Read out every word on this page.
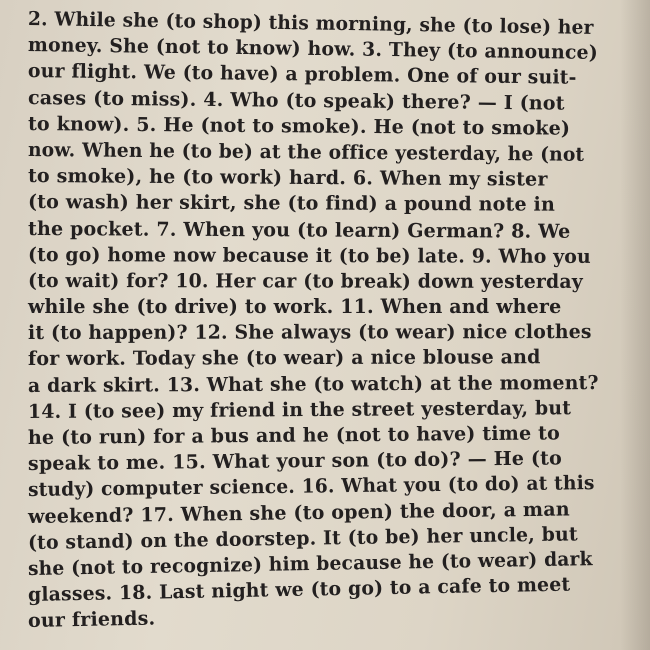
2. While she (to shop) this morning, she (to lose) her
money. She (not to know) how. 3. They (to announce)
our flight. We (to have) a problem. One of our suit-
cases (to miss). 4. Who (to speak) there? — I (not
to know). 5. He (not to smoke). He (not to smoke)
now. When he (to be) at the office yesterday, he (not
to smoke), he (to work) hard. 6. When my sister
(to wash) her skirt, she (to find) a pound note in
the pocket. 7. When you (to learn) German? 8. We
(to go) home now because it (to be) late. 9. Who you
(to wait) for? 10. Her car (to break) down yesterday
while she (to drive) to work. 11. When and where
it (to happen)? 12. She always (to wear) nice clothes
for work. Today she (to wear) a nice blouse and
a dark skirt. 13. What she (to watch) at the moment?
14. I (to see) my friend in the street yesterday, but
he (to run) for a bus and he (not to have) time to
speak to me. 15. What your son (to do)? — He (to
study) computer science. 16. What you (to do) at this
weekend? 17. When she (to open) the door, a man
(to stand) on the doorstep. It (to be) her uncle, but
she (not to recognize) him because he (to wear) dark
glasses. 18. Last night we (to go) to a cafe to meet
our friends.
